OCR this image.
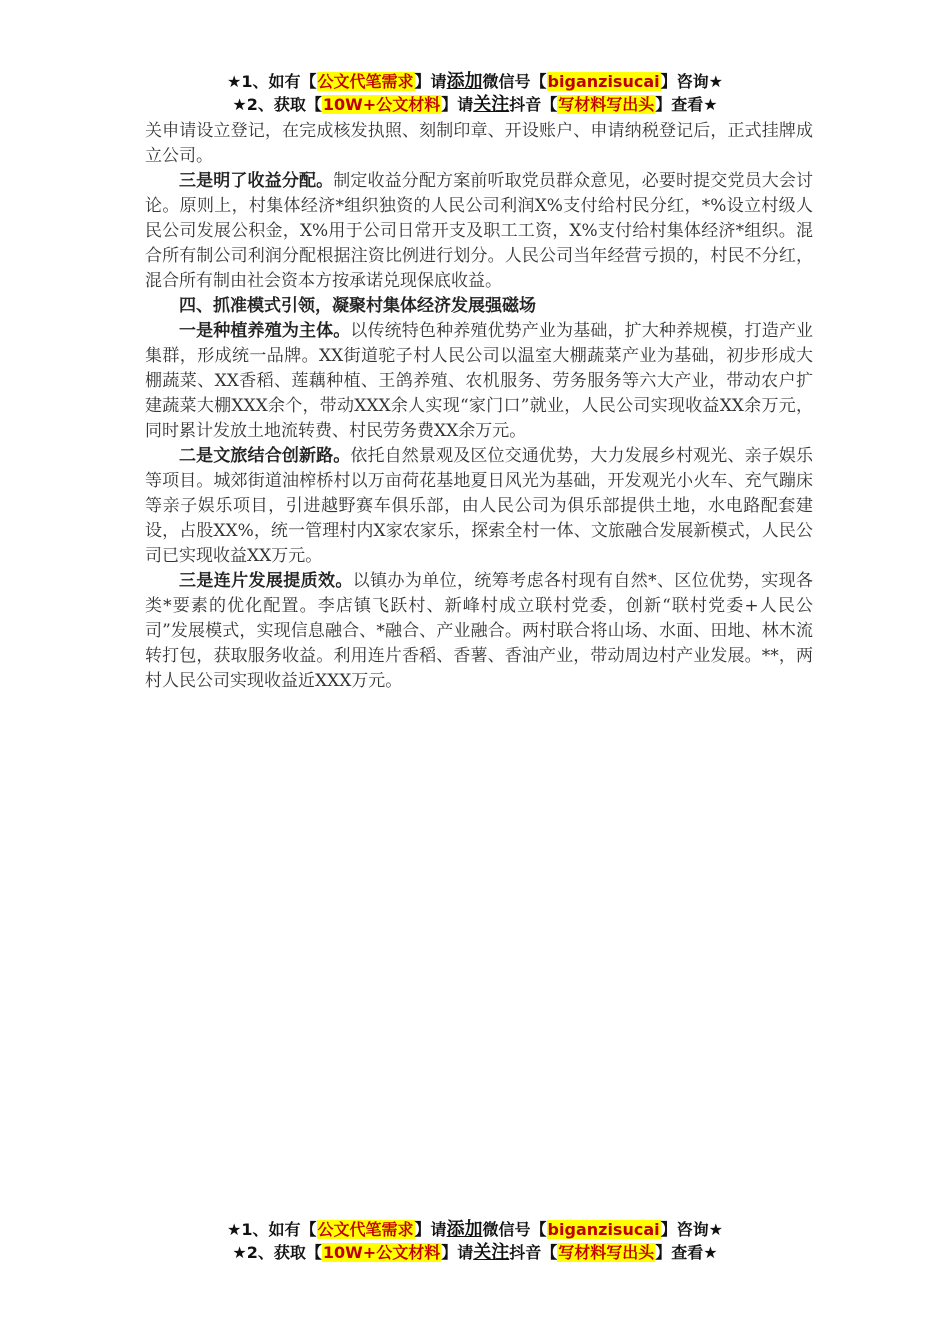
★1、如有【公文代笔需求】请添加微信号【biganzisucai】咨询★
★2、获取【10W+公文材料】请关注抖音【写材料写出头】查看★

关申请设立登记，在完成核发执照、刻制印章、开设账户、申请纳税登记后，正式挂牌成立公司。

三是明了收益分配。制定收益分配方案前听取党员群众意见，必要时提交党员大会讨论。原则上，村集体经济*组织独资的人民公司利润X%支付给村民分红，*%设立村级人民公司发展公积金，X%用于公司日常开支及职工工资，X%支付给村集体经济*组织。混合所有制公司利润分配根据注资比例进行划分。人民公司当年经营亏损的，村民不分红，混合所有制由社会资本方按承诺兑现保底收益。

四、抓准模式引领，凝聚村集体经济发展强磁场

一是种植养殖为主体。以传统特色种养殖优势产业为基础，扩大种养规模，打造产业集群，形成统一品牌。XX街道驼子村人民公司以温室大棚蔬菜产业为基础，初步形成大棚蔬菜、XX香稻、莲藕种植、王鸽养殖、农机服务、劳务服务等六大产业，带动农户扩建蔬菜大棚XXX余个，带动XXX余人实现“家门口”就业，人民公司实现收益XX余万元，同时累计发放土地流转费、村民劳务费XX余万元。

二是文旅结合创新路。依托自然景观及区位交通优势，大力发展乡村观光、亲子娱乐等项目。城郊街道油榨桥村以万亩荷花基地夏日风光为基础，开发观光小火车、充气蹦床等亲子娱乐项目，引进越野赛车俱乐部，由人民公司为俱乐部提供土地，水电路配套建设，占股XX%，统一管理村内X家农家乐，探索全村一体、文旅融合发展新模式，人民公司已实现收益XX万元。

三是连片发展提质效。以镇办为单位，统筹考虑各村现有自然*、区位优势，实现各类*要素的优化配置。李店镇飞跃村、新峰村成立联村党委，创新“联村党委+人民公司”发展模式，实现信息融合、*融合、产业融合。两村联合将山场、水面、田地、林木流转打包，获取服务收益。利用连片香稻、香薯、香油产业，带动周边村产业发展。**，两村人民公司实现收益近XXX万元。

★1、如有【公文代笔需求】请添加微信号【biganzisucai】咨询★
★2、获取【10W+公文材料】请关注抖音【写材料写出头】查看★
